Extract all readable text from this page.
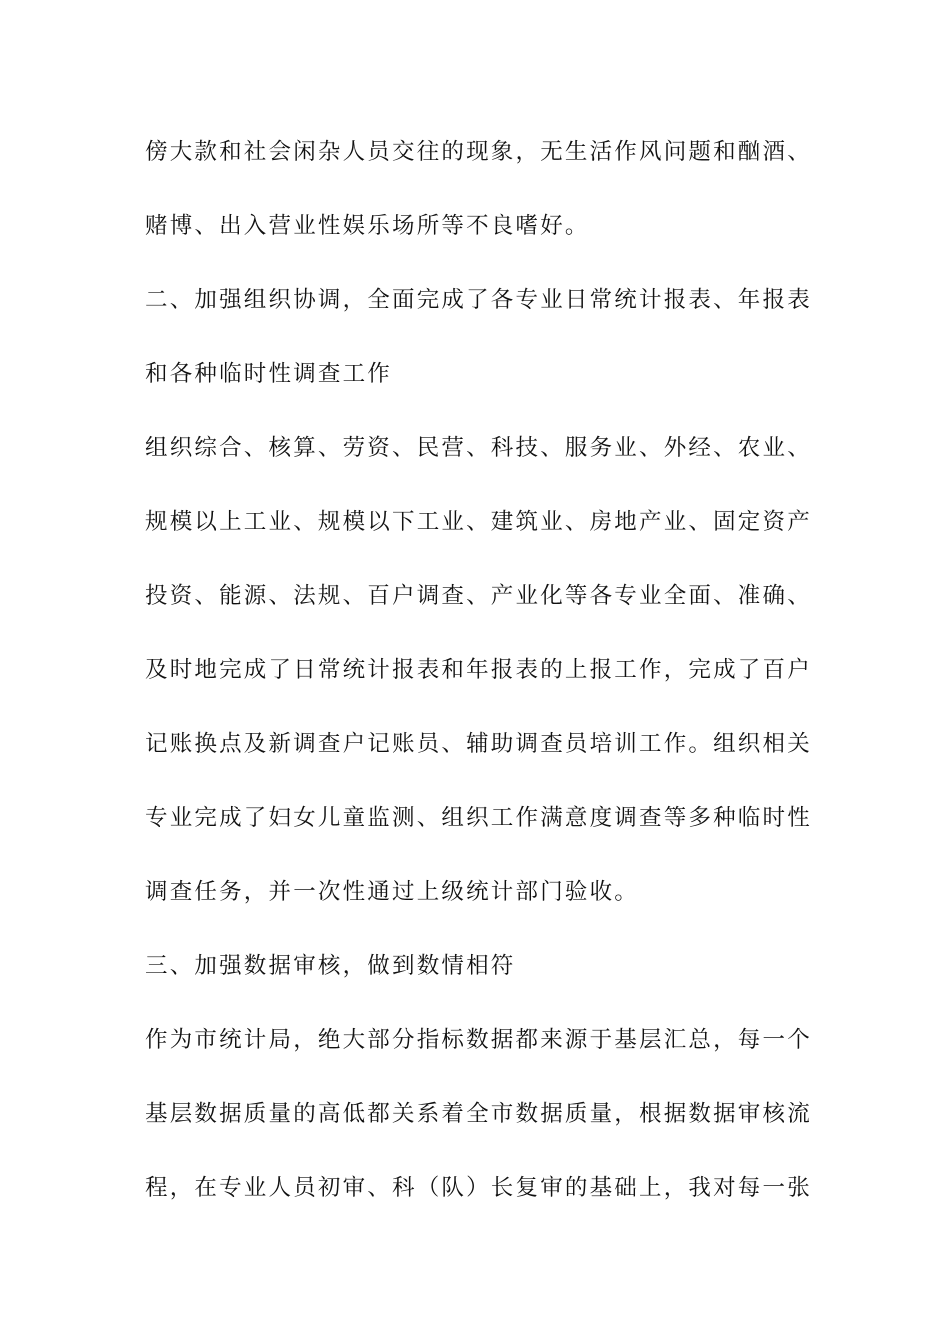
傍大款和社会闲杂人员交往的现象，无生活作风问题和酗酒、
赌博、出入营业性娱乐场所等不良嗜好。
二、加强组织协调，全面完成了各专业日常统计报表、年报表
和各种临时性调查工作
组织综合、核算、劳资、民营、科技、服务业、外经、农业、
规模以上工业、规模以下工业、建筑业、房地产业、固定资产
投资、能源、法规、百户调查、产业化等各专业全面、准确、
及时地完成了日常统计报表和年报表的上报工作，完成了百户
记账换点及新调查户记账员、辅助调查员培训工作。组织相关
专业完成了妇女儿童监测、组织工作满意度调查等多种临时性
调查任务，并一次性通过上级统计部门验收。
三、加强数据审核，做到数情相符
作为市统计局，绝大部分指标数据都来源于基层汇总，每一个
基层数据质量的高低都关系着全市数据质量，根据数据审核流
程，在专业人员初审、科（队）长复审的基础上，我对每一张
